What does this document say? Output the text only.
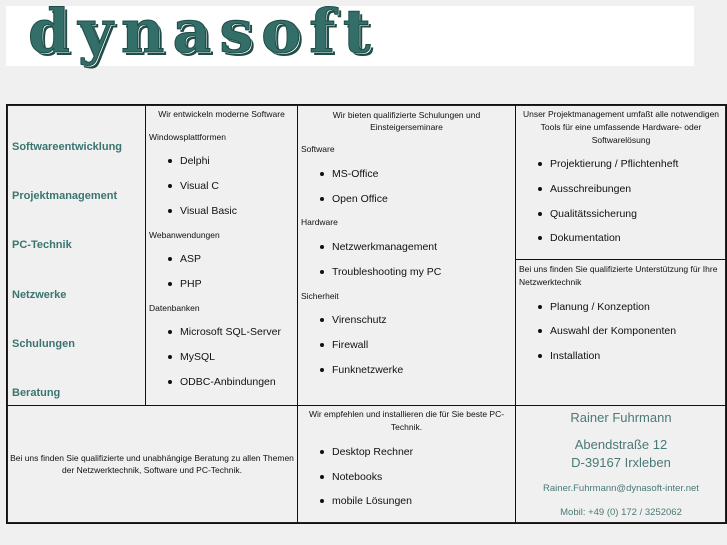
dynasoft
Softwareentwicklung
Projektmanagement
PC-Technik
Netzwerke
Schulungen
Beratung
Wir entwickeln moderne Software
Windowsplattformen
Delphi
Visual C
Visual Basic
Webanwendungen
ASP
PHP
Datenbanken
Microsoft SQL-Server
MySQL
ODBC-Anbindungen
Wir bieten qualifizierte Schulungen und
Einsteigerseminare
Software
MS-Office
Open Office
Hardware
Netzwerkmanagement
Troubleshooting my PC
Sicherheit
Virenschutz
Firewall
Funknetzwerke
Unser Projektmanagement umfaßt alle notwendigen
Tools für eine umfassende Hardware- oder
Softwarelösung
Projektierung / Pflichtenheft
Ausschreibungen
Qualitätssicherung
Dokumentation
Bei uns finden Sie qualifizierte Unterstützung für Ihre
Netzwerktechnik
Planung / Konzeption
Auswahl der Komponenten
Installation
Bei uns finden Sie qualifizierte und unabhängige Beratung zu allen Themen
der Netzwerktechnik, Software und PC-Technik.
Wir empfehlen und installieren die für Sie beste PC-
Technik.
Desktop Rechner
Notebooks
mobile Lösungen
Rainer Fuhrmann
Abendstraße 12
D-39167 Irxleben
Rainer.Fuhrmann@dynasoft-inter.net
Mobil: +49 (0) 172 / 3252062
